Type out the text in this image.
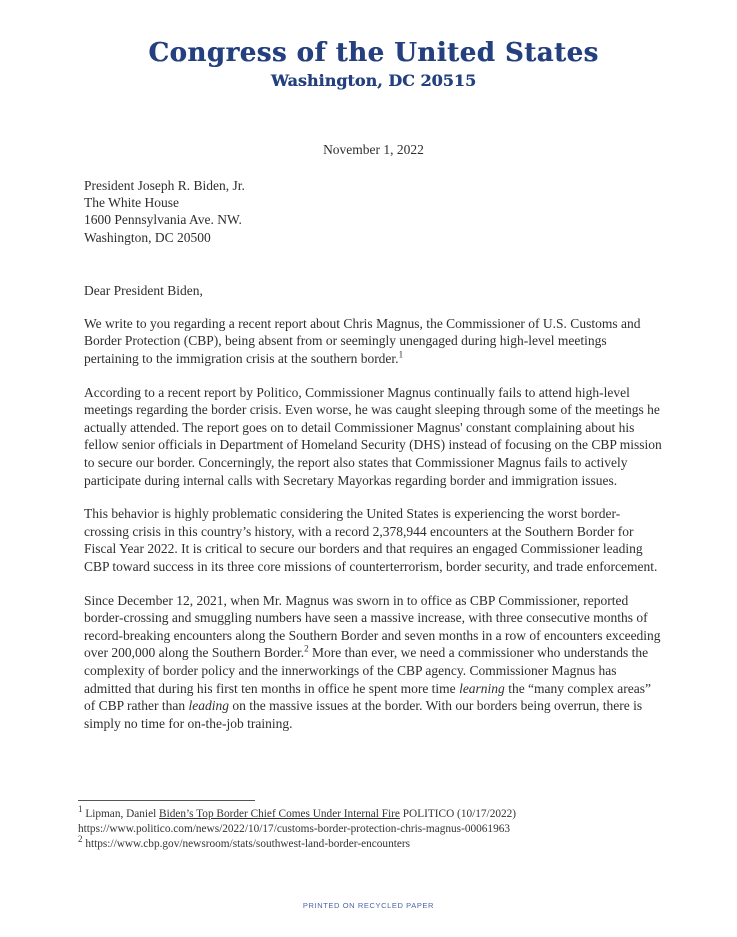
Congress of the United States
Washington, DC 20515
November 1, 2022
President Joseph R. Biden, Jr.
The White House
1600 Pennsylvania Ave. NW.
Washington, DC 20500
Dear President Biden,

We write to you regarding a recent report about Chris Magnus, the Commissioner of U.S. Customs and Border Protection (CBP), being absent from or seemingly unengaged during high-level meetings pertaining to the immigration crisis at the southern border.$^1$

According to a recent report by Politico, Commissioner Magnus continually fails to attend high-level meetings regarding the border crisis. Even worse, he was caught sleeping through some of the meetings he actually attended. The report goes on to detail Commissioner Magnus' constant complaining about his fellow senior officials in Department of Homeland Security (DHS) instead of focusing on the CBP mission to secure our border. Concerningly, the report also states that Commissioner Magnus fails to actively participate during internal calls with Secretary Mayorkas regarding border and immigration issues.

This behavior is highly problematic considering the United States is experiencing the worst border-crossing crisis in this country’s history, with a record 2,378,944 encounters at the Southern Border for Fiscal Year 2022. It is critical to secure our borders and that requires an engaged Commissioner leading CBP toward success in its three core missions of counterterrorism, border security, and trade enforcement.

Since December 12, 2021, when Mr. Magnus was sworn in to office as CBP Commissioner, reported border-crossing and smuggling numbers have seen a massive increase, with three consecutive months of record-breaking encounters along the Southern Border and seven months in a row of encounters exceeding over 200,000 along the Southern Border.$^2$ More than ever, we need a commissioner who understands the complexity of border policy and the innerworkings of the CBP agency. Commissioner Magnus has admitted that during his first ten months in office he spent more time learning the “many complex areas” of CBP rather than leading on the massive issues at the border. With our borders being overrun, there is simply no time for on-the-job training.

$^1$ Lipman, Daniel Biden’s Top Border Chief Comes Under Internal Fire POLITICO (10/17/2022)
https://www.politico.com/news/2022/10/17/customs-border-protection-chris-magnus-00061963
$^2$ https://www.cbp.gov/newsroom/stats/southwest-land-border-encounters
PRINTED ON RECYCLED PAPER
